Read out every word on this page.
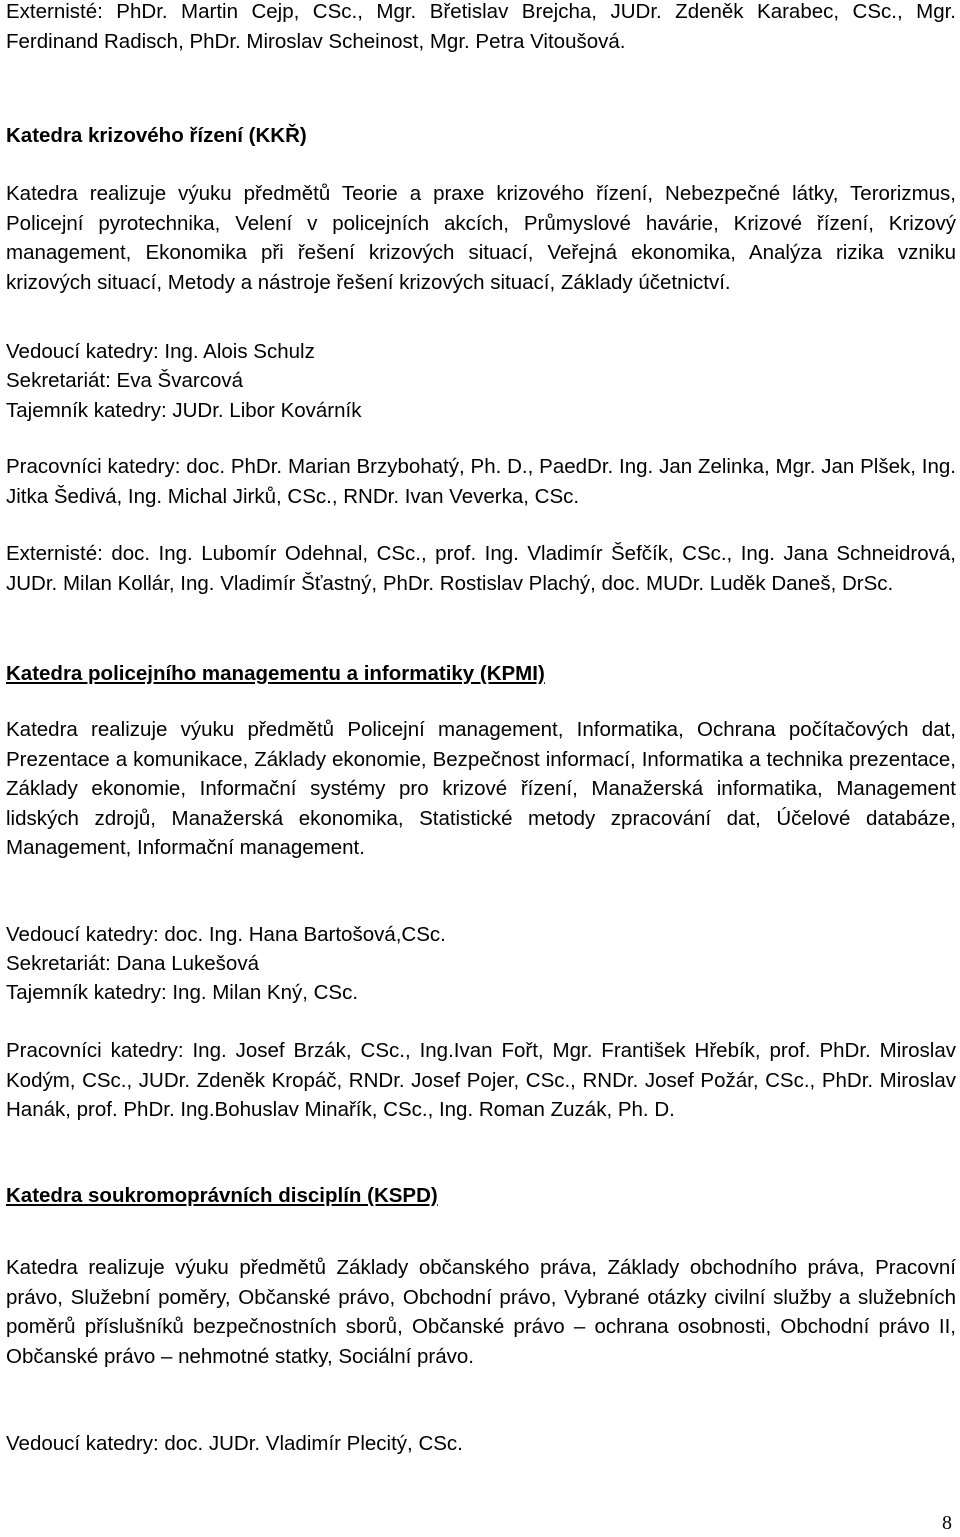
Externisté: PhDr. Martin Cejp, CSc., Mgr. Břetislav Brejcha, JUDr. Zdeněk Karabec, CSc., Mgr. Ferdinand Radisch, PhDr. Miroslav Scheinost, Mgr. Petra Vitoušová.

Katedra krizového řízení (KKŘ)

Katedra realizuje výuku předmětů Teorie a praxe krizového řízení, Nebezpečné látky, Terorizmus, Policejní pyrotechnika, Velení v policejních akcích, Průmyslové havárie, Krizové řízení, Krizový management, Ekonomika při řešení krizových situací, Veřejná ekonomika, Analýza rizika vzniku krizových situací, Metody a nástroje řešení krizových situací, Základy účetnictví.

Vedoucí katedry: Ing. Alois Schulz

Sekretariát: Eva Švarcová

Tajemník katedry: JUDr. Libor Kovárník

Pracovníci katedry: doc. PhDr. Marian Brzybohatý, Ph. D., PaedDr. Ing. Jan Zelinka, Mgr. Jan Plšek, Ing. Jitka Šedivá, Ing. Michal Jirků, CSc., RNDr. Ivan Veverka, CSc.

Externisté: doc. Ing. Lubomír Odehnal, CSc., prof. Ing. Vladimír Šefčík, CSc., Ing. Jana Schneidrová, JUDr. Milan Kollár, Ing. Vladimír Šťastný, PhDr. Rostislav Plachý, doc. MUDr. Luděk Daneš, DrSc.

Katedra policejního managementu a informatiky (KPMI)

Katedra realizuje výuku předmětů Policejní management, Informatika, Ochrana počítačových dat, Prezentace a komunikace, Základy ekonomie, Bezpečnost informací, Informatika a technika prezentace, Základy ekonomie, Informační systémy pro krizové řízení, Manažerská informatika, Management lidských zdrojů, Manažerská ekonomika, Statistické metody zpracování dat, Účelové databáze, Management, Informační management.

Vedoucí katedry: doc. Ing. Hana Bartošová,CSc.

Sekretariát: Dana Lukešová

Tajemník katedry: Ing. Milan Kný, CSc.

Pracovníci katedry: Ing. Josef Brzák, CSc., Ing.Ivan Fořt, Mgr. František Hřebík, prof. PhDr. Miroslav Kodým, CSc., JUDr. Zdeněk Kropáč, RNDr. Josef Pojer, CSc., RNDr. Josef Požár, CSc., PhDr. Miroslav Hanák, prof. PhDr. Ing.Bohuslav Minařík, CSc., Ing. Roman Zuzák, Ph. D.

Katedra soukromoprávních disciplín (KSPD)

Katedra realizuje výuku předmětů Základy občanského práva, Základy obchodního práva, Pracovní právo, Služební poměry, Občanské právo, Obchodní právo, Vybrané otázky civilní služby a služebních poměrů příslušníků bezpečnostních sborů, Občanské právo – ochrana osobnosti, Obchodní právo II, Občanské právo – nehmotné statky, Sociální právo.

Vedoucí katedry: doc. JUDr. Vladimír Plecitý, CSc.

8
